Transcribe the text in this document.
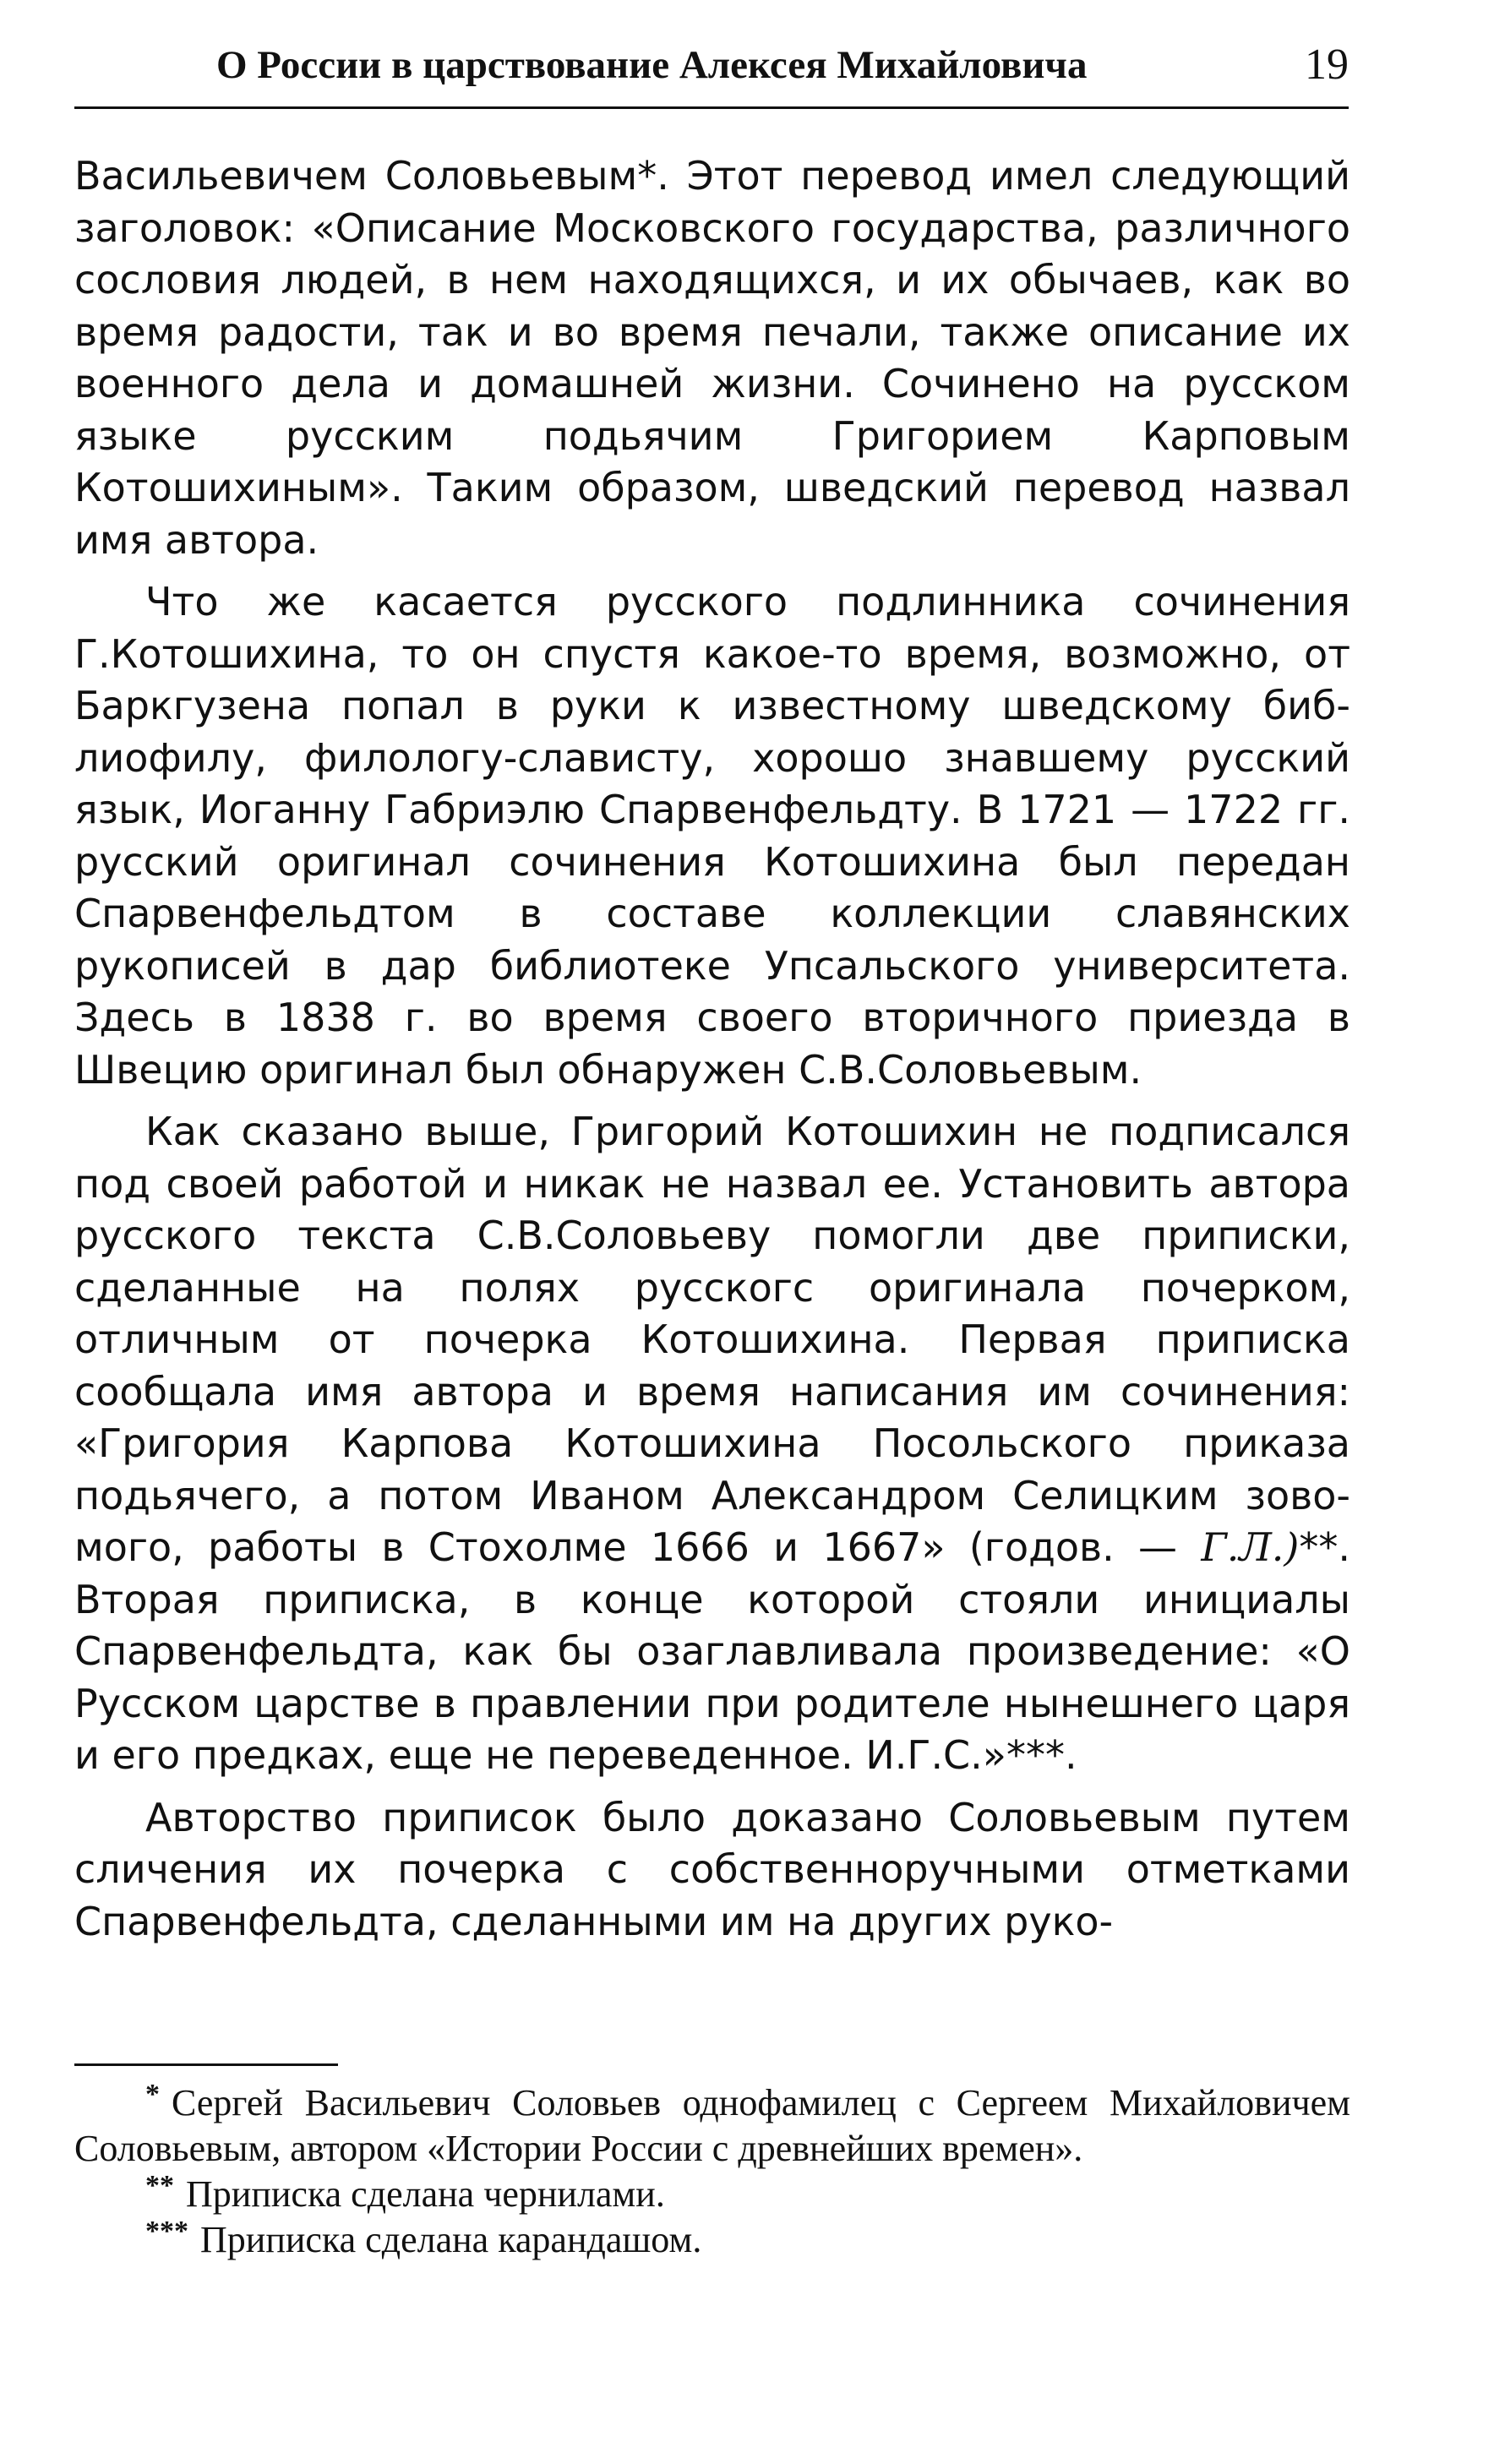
О России в царствование Алексея Михайловича	19

Васильевичем Соловьевым*. Этот перевод имел следующий заголовок: «Описание Московского государства, различного сословия людей, в нем находящихся, и их обычаев, как во время радости, так и во время печали, также описание их военного дела и домашней жизни. Сочинено на русском языке русским подьячим Григорием Карповым Котошихиным». Таким образом, шведский перевод назвал имя автора.

Что же касается русского подлинника сочинения Г.Котошихина, то он спустя какое-то время, возможно, от Баркгузена попал в руки к известному шведскому библиофилу, филологу-слависту, хорошо знавшему русский язык, Иоганну Габриэлю Спарвенфельдту. В 1721 — 1722 гг. русский оригинал сочинения Котошихина был передан Спарвенфельдтом в составе коллекции славянских рукописей в дар библиотеке Упсальского университета. Здесь в 1838 г. во время своего вторичного приезда в Швецию оригинал был обнаружен С.В.Соловьевым.

Как сказано выше, Григорий Котошихин не подписался под своей работой и никак не назвал ее. Установить автора русского текста С.В.Соловьеву помогли две приписки, сделанные на полях русскогс оригинала почерком, отличным от почерка Котошихина. Первая приписка сообщала имя автора и время написания им сочинения: «Григория Карпова Котошихина Посольского приказа подьячего, а потом Иваном Александром Селицким зовомого, работы в Стохолме 1666 и 1667» (годов. — Г.Л.)**. Вторая приписка, в конце которой стояли инициалы Спарвенфельдта, как бы озаглавливала произведение: «О Русском царстве в правлении при родителе нынешнего царя и его предках, еще не переведенное. И.Г.С.»***.

Авторство приписок было доказано Соловьевым путем сличения их почерка с собственноручными отметками Спарвенфельдта, сделанными им на других руко-

* Сергей Васильевич Соловьев однофамилец с Сергеем Михайловичем Соловьевым, автором «Истории России с древнейших времен».

** Приписка сделана чернилами.

*** Приписка сделана карандашом.
